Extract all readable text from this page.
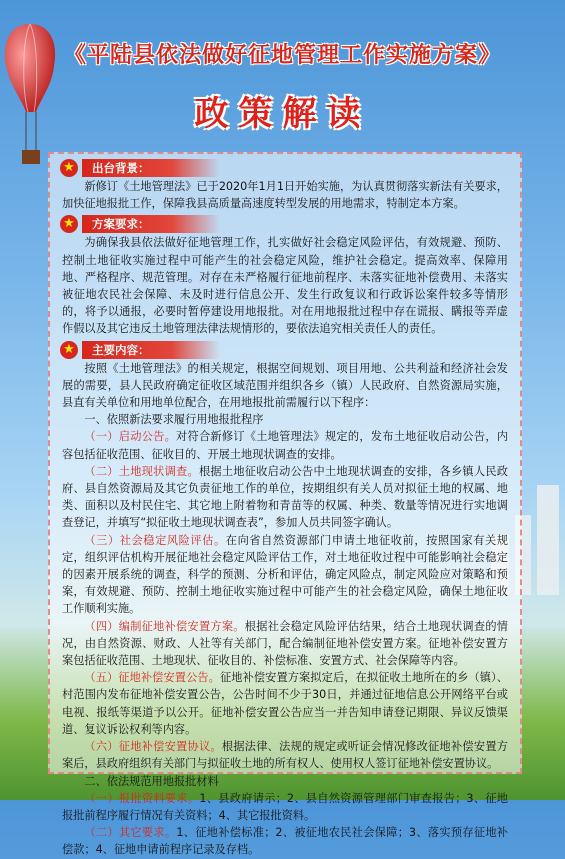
《平陆县依法做好征地管理工作实施方案》
政策解读
★	出台背景：

新修订《土地管理法》已于2020年1月1日开始实施，为认真贯彻落实新法有关要求，加快征地报批工作，保障我县高质量高速度转型发展的用地需求，特制定本方案。

★	方案要求：

为确保我县依法做好征地管理工作，扎实做好社会稳定风险评估，有效规避、预防、控制土地征收实施过程中可能产生的社会稳定风险，维护社会稳定。提高效率、保障用地、严格程序、规范管理。对存在未严格履行征地前程序、未落实征地补偿费用、未落实被征地农民社会保障、未及时进行信息公开、发生行政复议和行政诉讼案件较多等情形的，将予以通报，必要时暂停建设用地报批。对在用地报批过程中存在谎报、瞒报等弄虚作假以及其它违反土地管理法律法规情形的，要依法追究相关责任人的责任。

★	主要内容：

按照《土地管理法》的相关规定，根据空间规划、项目用地、公共利益和经济社会发展的需要，县人民政府确定征收区域范围并组织各乡（镇）人民政府、自然资源局实施，县直有关单位和用地单位配合，在用地报批前需履行以下程序：

一、依照新法要求履行用地报批程序

（一）启动公告。对符合新修订《土地管理法》规定的，发布土地征收启动公告，内容包括征收范围、征收目的、开展土地现状调查的安排。

（二）土地现状调查。根据土地征收启动公告中土地现状调查的安排，各乡镇人民政府、县自然资源局及其它负责征地工作的单位，按期组织有关人员对拟征土地的权属、地类、面积以及村民住宅、其它地上附着物和青苗等的权属、种类、数量等情况进行实地调查登记，并填写“拟征收土地现状调查表”，参加人员共同签字确认。

（三）社会稳定风险评估。在向省自然资源部门申请土地征收前，按照国家有关规定，组织评估机构开展征地社会稳定风险评估工作，对土地征收过程中可能影响社会稳定的因素开展系统的调查，科学的预测、分析和评估，确定风险点，制定风险应对策略和预案，有效规避、预防、控制土地征收实施过程中可能产生的社会稳定风险，确保土地征收工作顺利实施。

（四）编制征地补偿安置方案。根据社会稳定风险评估结果，结合土地现状调查的情况，由自然资源、财政、人社等有关部门，配合编制征地补偿安置方案。征地补偿安置方案包括征收范围、土地现状、征收目的、补偿标准、安置方式、社会保障等内容。

（五）征地补偿安置公告。征地补偿安置方案拟定后，在拟征收土地所在的乡（镇）、村范围内发布征地补偿安置公告，公告时间不少于30日，并通过征地信息公开网络平台或电视、报纸等渠道予以公开。征地补偿安置公告应当一并告知申请登记期限、异议反馈渠道、复议诉讼权利等内容。

（六）征地补偿安置协议。根据法律、法规的规定或听证会情况修改征地补偿安置方案后，县政府组织有关部门与拟征收土地的所有权人、使用权人签订征地补偿安置协议。

二、依法规范用地报批材料

（一）报批资料要求。1、县政府请示；2、县自然资源管理部门审查报告；3、征地报批前程序履行情况有关资料；4、其它报批资料。

（二）其它要求。1、征地补偿标准；2、被征地农民社会保障；3、落实预存征地补偿款；4、征地申请前程序记录及存档。
